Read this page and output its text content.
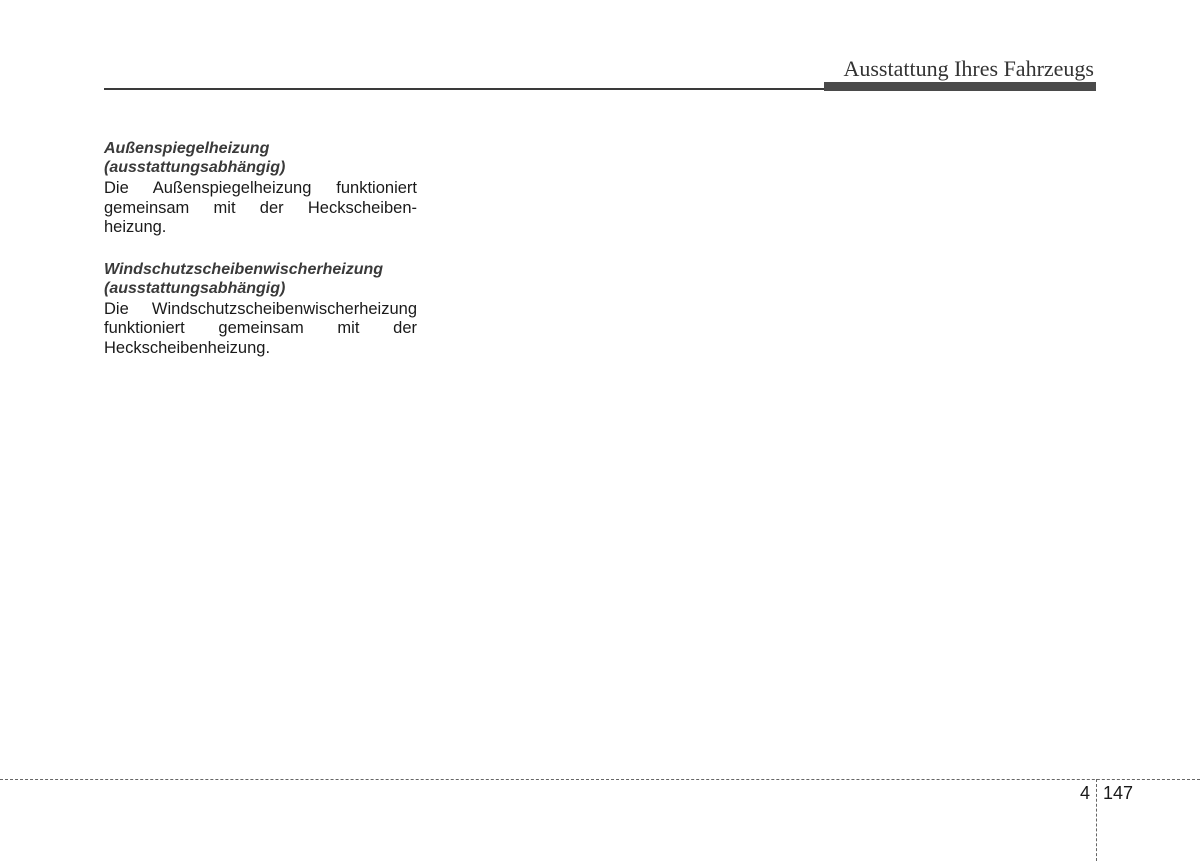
Ausstattung Ihres Fahrzeugs
Außenspiegelheizung
(ausstattungsabhängig)
Die Außenspiegelheizung funktioniert gemeinsam mit der Heckscheiben-heizung.
Windschutzscheibenwischerheizung
(ausstattungsabhängig)
Die Windschutzscheibenwischerheizung funktioniert gemeinsam mit der Heckscheibenheizung.
4 147
